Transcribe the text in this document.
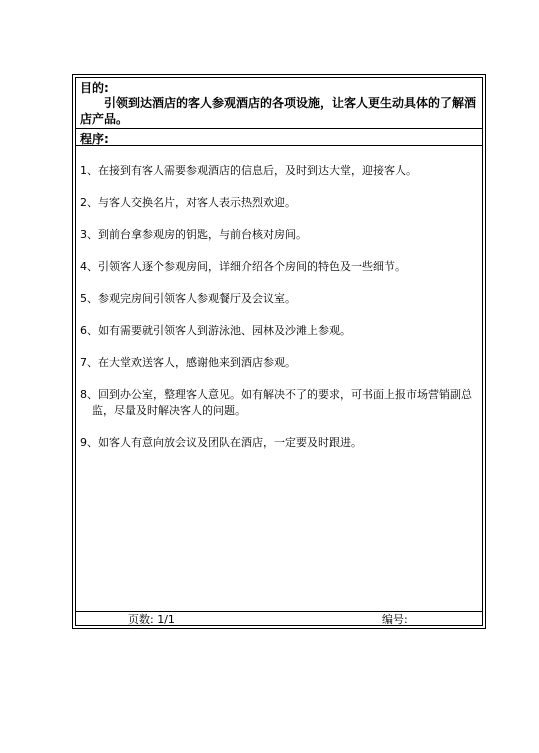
目的:
引领到达酒店的客人参观酒店的各项设施，让客人更生动具体的了解酒店产品。
程序:

1、在接到有客人需要参观酒店的信息后，及时到达大堂，迎接客人。

2、与客人交换名片，对客人表示热烈欢迎。

3、到前台拿参观房的钥匙，与前台核对房间。

4、引领客人逐个参观房间，详细介绍各个房间的特色及一些细节。

5、参观完房间引领客人参观餐厅及会议室。

6、如有需要就引领客人到游泳池、园林及沙滩上参观。

7、在大堂欢送客人，感谢他来到酒店参观。

8、回到办公室，整理客人意见。如有解决不了的要求，可书面上报市场营销副总监，尽量及时解决客人的问题。

9、如客人有意向放会议及团队在酒店，一定要及时跟进。

页数: 1/1	编号:
